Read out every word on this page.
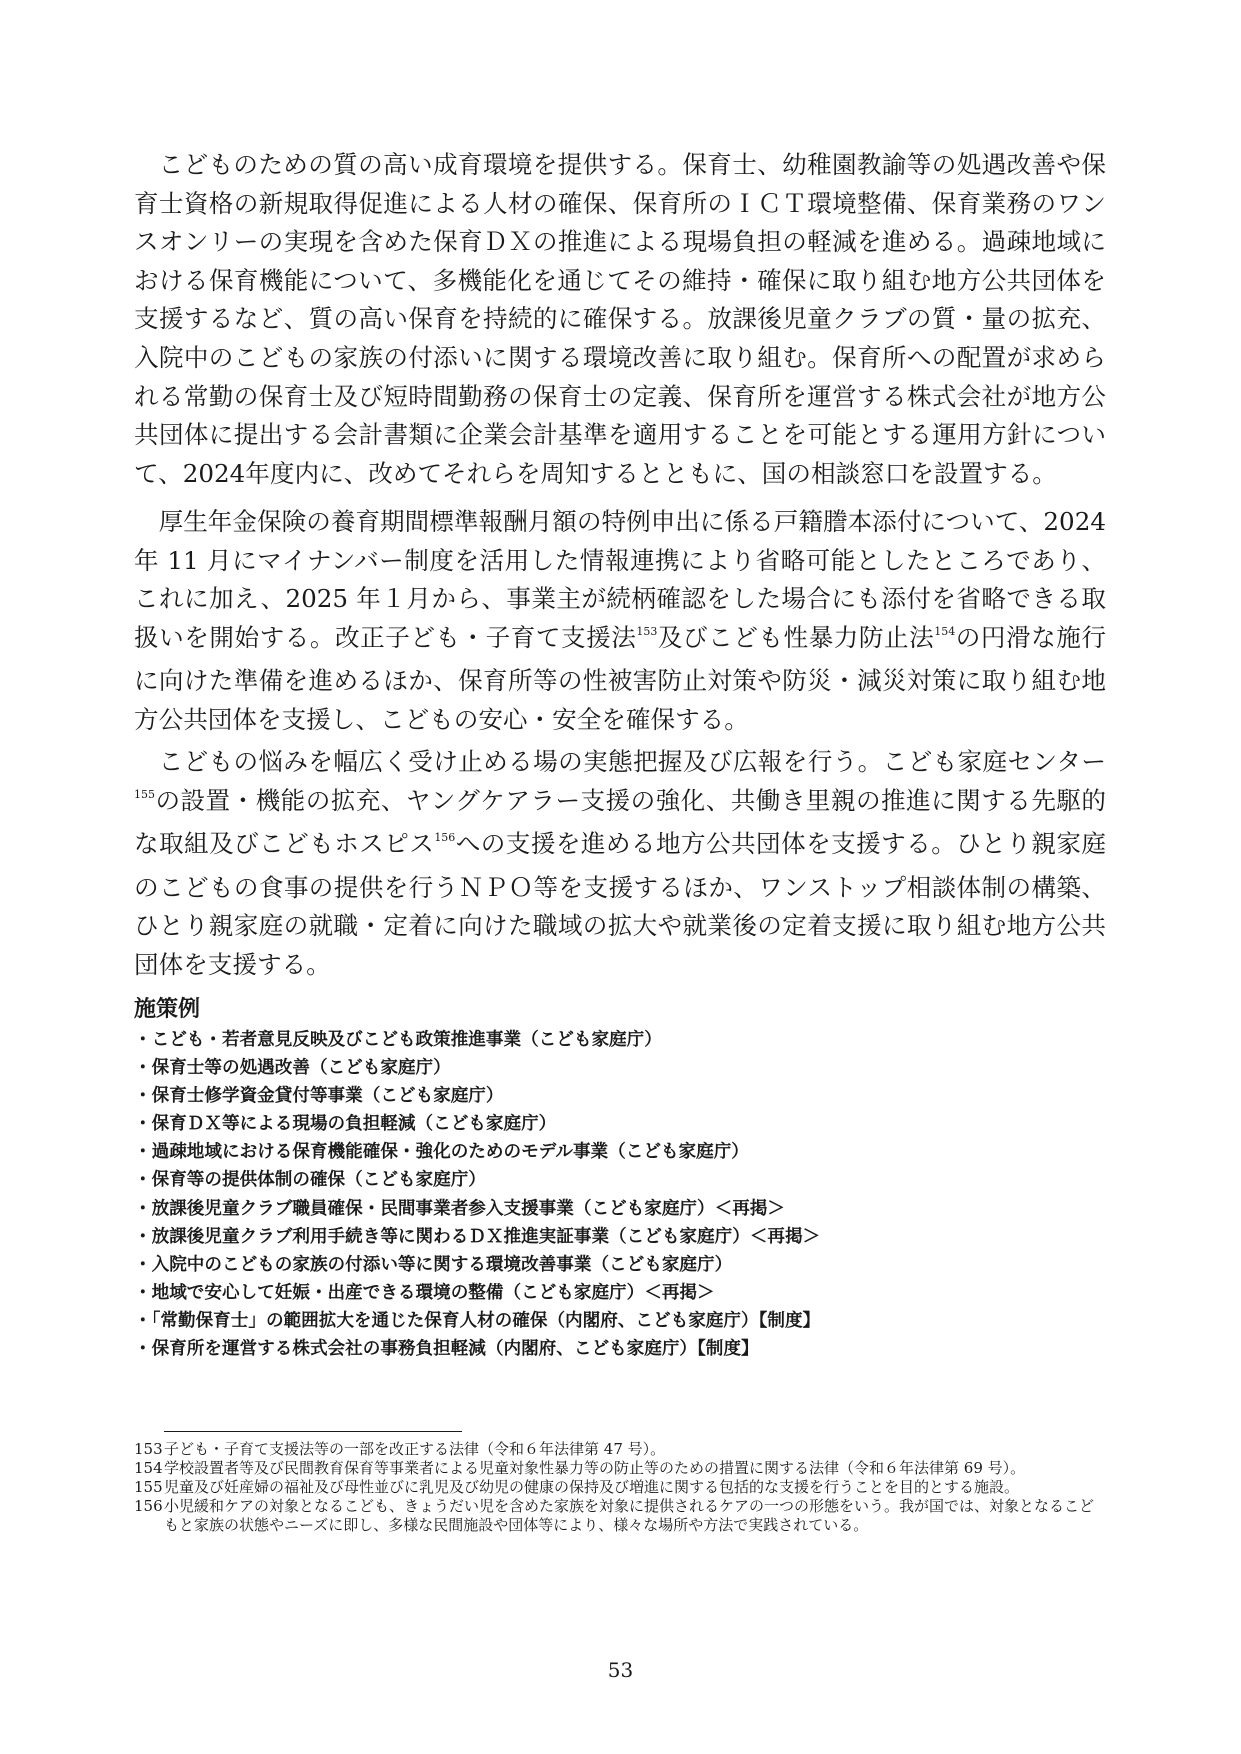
こどものための質の高い成育環境を提供する。保育士、幼稚園教諭等の処遇改善や保育士資格の新規取得促進による人材の確保、保育所のＩＣＴ環境整備、保育業務のワンスオンリーの実現を含めた保育ＤＸの推進による現場負担の軽減を進める。過疎地域における保育機能について、多機能化を通じてその維持・確保に取り組む地方公共団体を支援するなど、質の高い保育を持続的に確保する。放課後児童クラブの質・量の拡充、入院中のこどもの家族の付添いに関する環境改善に取り組む。保育所への配置が求められる常勤の保育士及び短時間勤務の保育士の定義、保育所を運営する株式会社が地方公共団体に提出する会計書類に企業会計基準を適用することを可能とする運用方針について、2024年度内に、改めてそれらを周知するとともに、国の相談窓口を設置する。

厚生年金保険の養育期間標準報酬月額の特例申出に係る戸籍謄本添付について、2024年 11 月にマイナンバー制度を活用した情報連携により省略可能としたところであり、これに加え、2025 年１月から、事業主が続柄確認をした場合にも添付を省略できる取扱いを開始する。改正子ども・子育て支援法$^{153}$及びこども性暴力防止法$^{154}$の円滑な施行に向けた準備を進めるほか、保育所等の性被害防止対策や防災・減災対策に取り組む地方公共団体を支援し、こどもの安心・安全を確保する。

こどもの悩みを幅広く受け止める場の実態把握及び広報を行う。こども家庭センター$^{155}$の設置・機能の拡充、ヤングケアラー支援の強化、共働き里親の推進に関する先駆的な取組及びこどもホスピス$^{156}$への支援を進める地方公共団体を支援する。ひとり親家庭のこどもの食事の提供を行うＮＰＯ等を支援するほか、ワンストップ相談体制の構築、ひとり親家庭の就職・定着に向けた職域の拡大や就業後の定着支援に取り組む地方公共団体を支援する。

施策例
・こども・若者意見反映及びこども政策推進事業（こども家庭庁）
・保育士等の処遇改善（こども家庭庁）
・保育士修学資金貸付等事業（こども家庭庁）
・保育ＤＸ等による現場の負担軽減（こども家庭庁）
・過疎地域における保育機能確保・強化のためのモデル事業（こども家庭庁）
・保育等の提供体制の確保（こども家庭庁）
・放課後児童クラブ職員確保・民間事業者参入支援事業（こども家庭庁）＜再掲＞
・放課後児童クラブ利用手続き等に関わるＤＸ推進実証事業（こども家庭庁）＜再掲＞
・入院中のこどもの家族の付添い等に関する環境改善事業（こども家庭庁）
・地域で安心して妊娠・出産できる環境の整備（こども家庭庁）＜再掲＞
・「常勤保育士」の範囲拡大を通じた保育人材の確保（内閣府、こども家庭庁）【制度】
・保育所を運営する株式会社の事務負担軽減（内閣府、こども家庭庁）【制度】
153 子ども・子育て支援法等の一部を改正する法律（令和６年法律第 47 号）。
154 学校設置者等及び民間教育保育等事業者による児童対象性暴力等の防止等のための措置に関する法律（令和６年法律第 69 号）。
155 児童及び妊産婦の福祉及び母性並びに乳児及び幼児の健康の保持及び増進に関する包括的な支援を行うことを目的とする施設。
156 小児緩和ケアの対象となるこども、きょうだい児を含めた家族を対象に提供されるケアの一つの形態をいう。我が国では、対象となるこどもと家族の状態やニーズに即し、多様な民間施設や団体等により、様々な場所や方法で実践されている。
53
